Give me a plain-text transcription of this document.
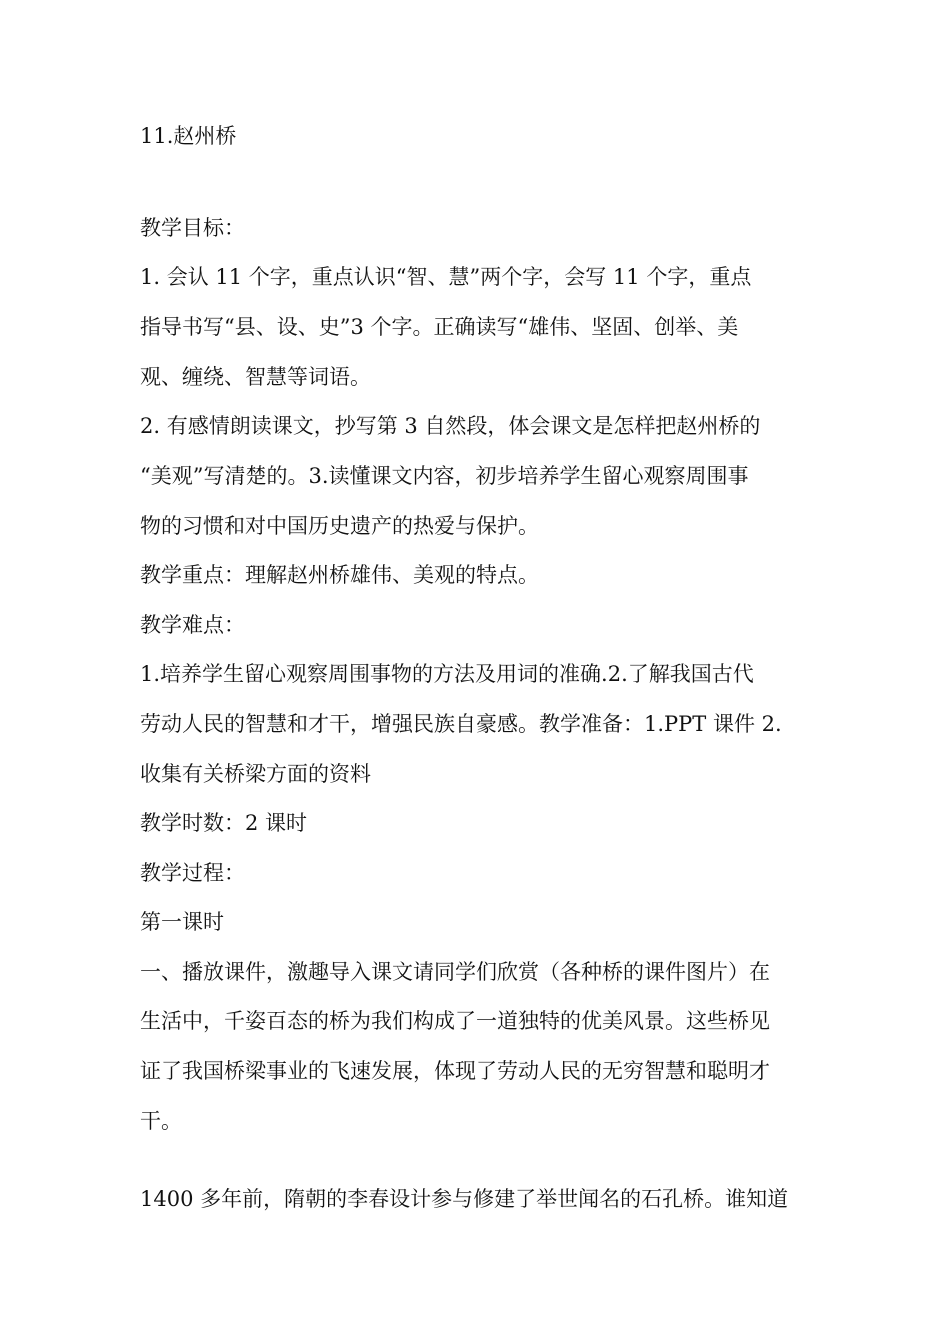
11.赵州桥
教学目标：
1. 会认 11 个字，重点认识“智、慧”两个字，会写 11 个字，重点
指导书写“县、设、史”3 个字。正确读写“雄伟、坚固、创举、美
观、缠绕、智慧等词语。
2. 有感情朗读课文，抄写第 3 自然段，体会课文是怎样把赵州桥的
“美观”写清楚的。3.读懂课文内容，初步培养学生留心观察周围事
物的习惯和对中国历史遗产的热爱与保护。
教学重点：理解赵州桥雄伟、美观的特点。
教学难点：
1.培养学生留心观察周围事物的方法及用词的准确.2.了解我国古代
劳动人民的智慧和才干，增强民族自豪感。教学准备：1.PPT 课件 2.
收集有关桥梁方面的资料
教学时数：2 课时
教学过程：
第一课时
一、播放课件，激趣导入课文请同学们欣赏（各种桥的课件图片）在
生活中，千姿百态的桥为我们构成了一道独特的优美风景。这些桥见
证了我国桥梁事业的飞速发展，体现了劳动人民的无穷智慧和聪明才
干。
1400 多年前，隋朝的李春设计参与修建了举世闻名的石孔桥。谁知道
